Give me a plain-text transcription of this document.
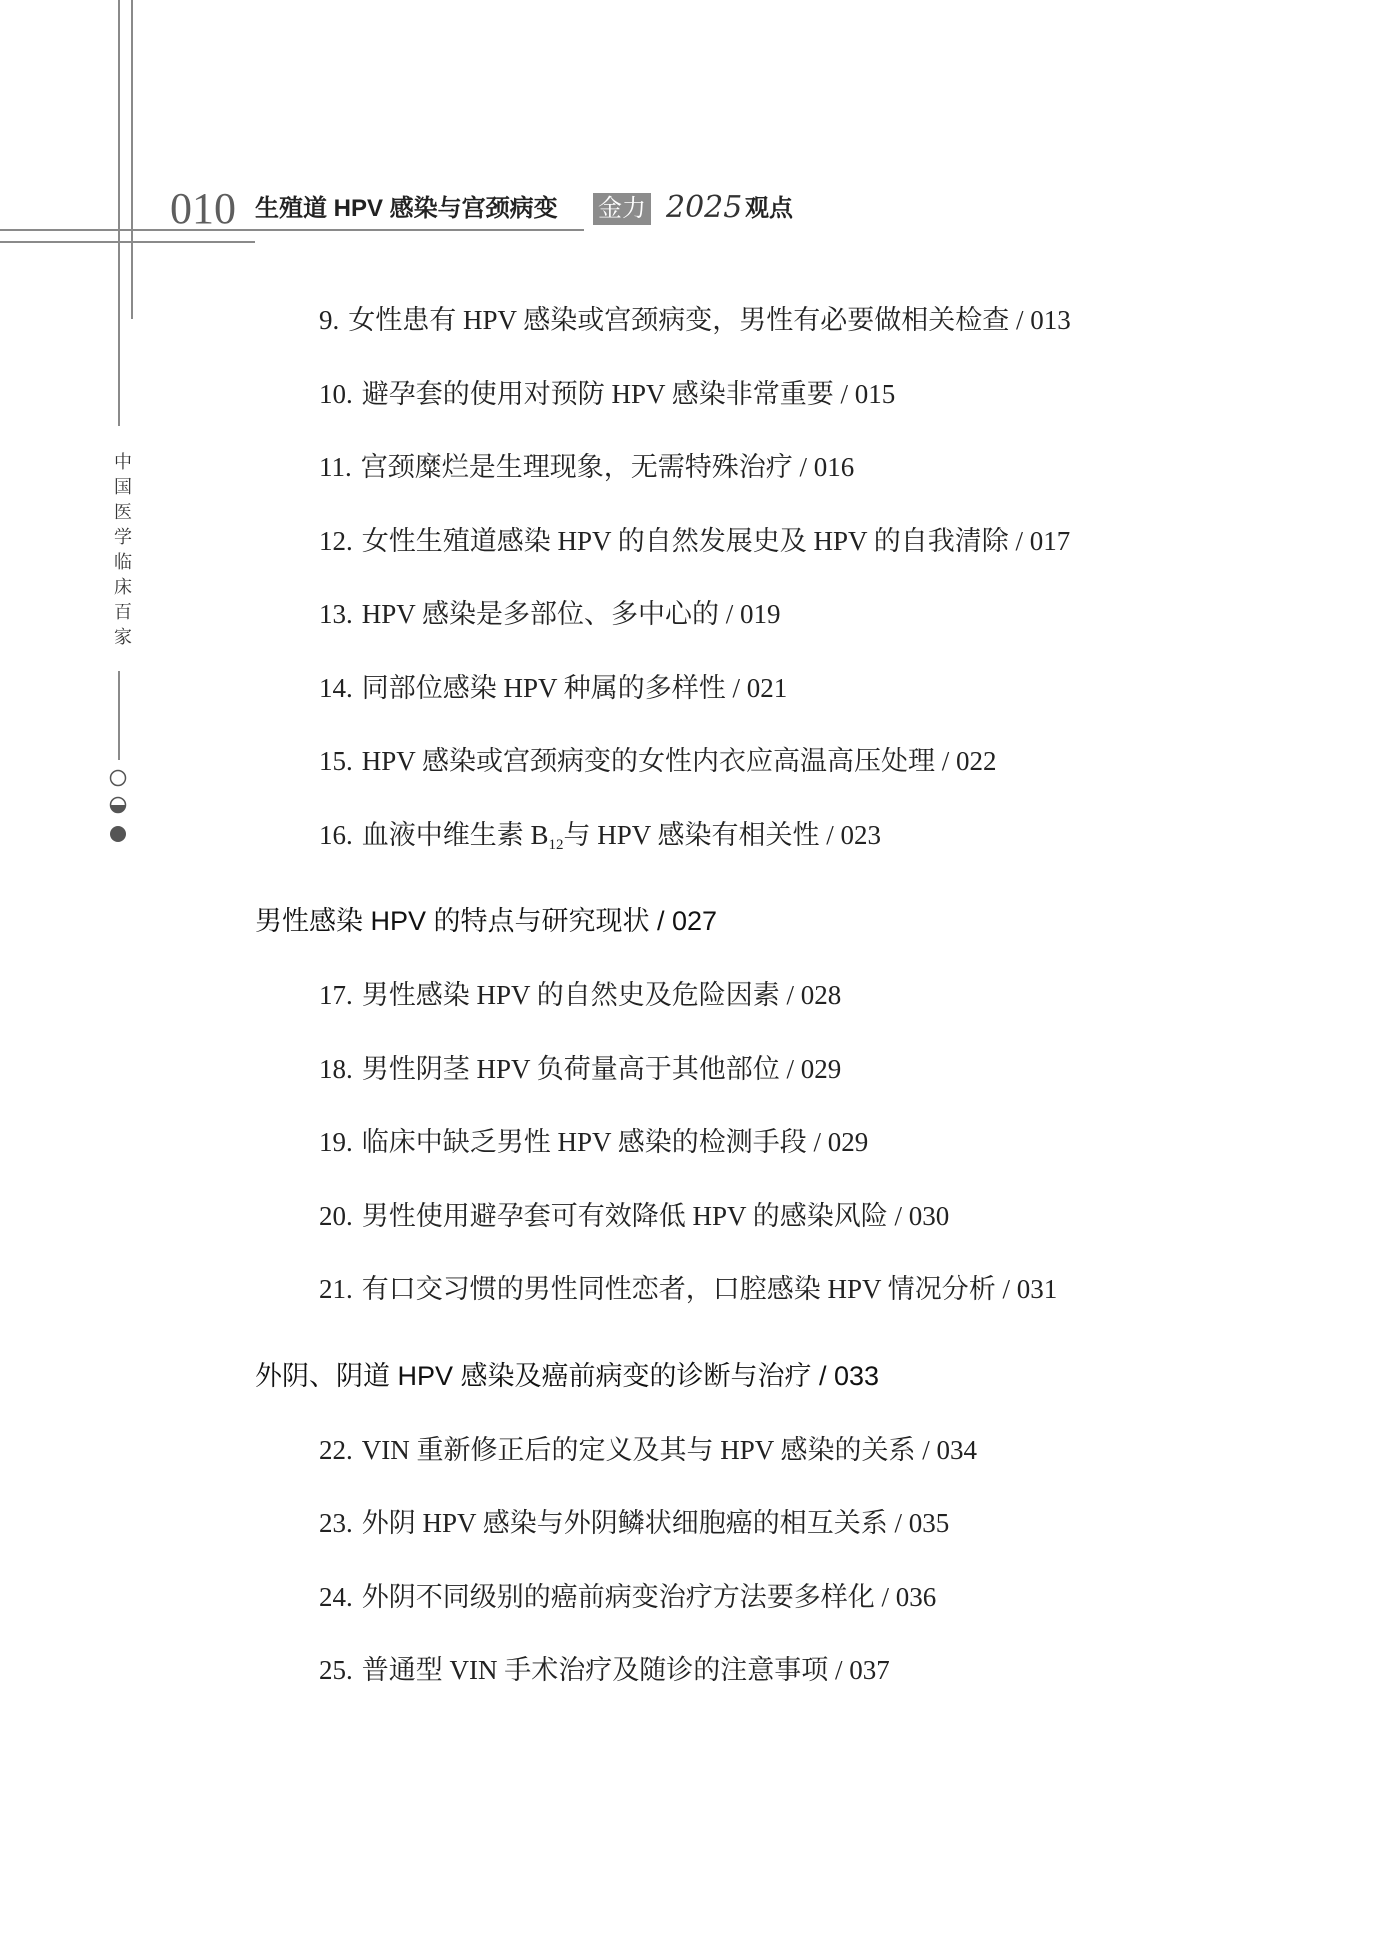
010 生殖道 HPV 感染与宫颈病变 金力 2025 观点
中国医学临床百家
9. 女性患有 HPV 感染或宫颈病变，男性有必要做相关检查 / 013
10. 避孕套的使用对预防 HPV 感染非常重要 / 015
11. 宫颈糜烂是生理现象，无需特殊治疗 / 016
12. 女性生殖道感染 HPV 的自然发展史及 HPV 的自我清除 / 017
13. HPV 感染是多部位、多中心的 / 019
14. 同部位感染 HPV 种属的多样性 / 021
15. HPV 感染或宫颈病变的女性内衣应高温高压处理 / 022
16. 血液中维生素 $B_{12}$与 HPV 感染有相关性 / 023
男性感染 HPV 的特点与研究现状 / 027
17. 男性感染 HPV 的自然史及危险因素 / 028
18. 男性阴茎 HPV 负荷量高于其他部位 / 029
19. 临床中缺乏男性 HPV 感染的检测手段 / 029
20. 男性使用避孕套可有效降低 HPV 的感染风险 / 030
21. 有口交习惯的男性同性恋者，口腔感染 HPV 情况分析 / 031
外阴、阴道 HPV 感染及癌前病变的诊断与治疗 / 033
22. VIN 重新修正后的定义及其与 HPV 感染的关系 / 034
23. 外阴 HPV 感染与外阴鳞状细胞癌的相互关系 / 035
24. 外阴不同级别的癌前病变治疗方法要多样化 / 036
25. 普通型 VIN 手术治疗及随诊的注意事项 / 037
